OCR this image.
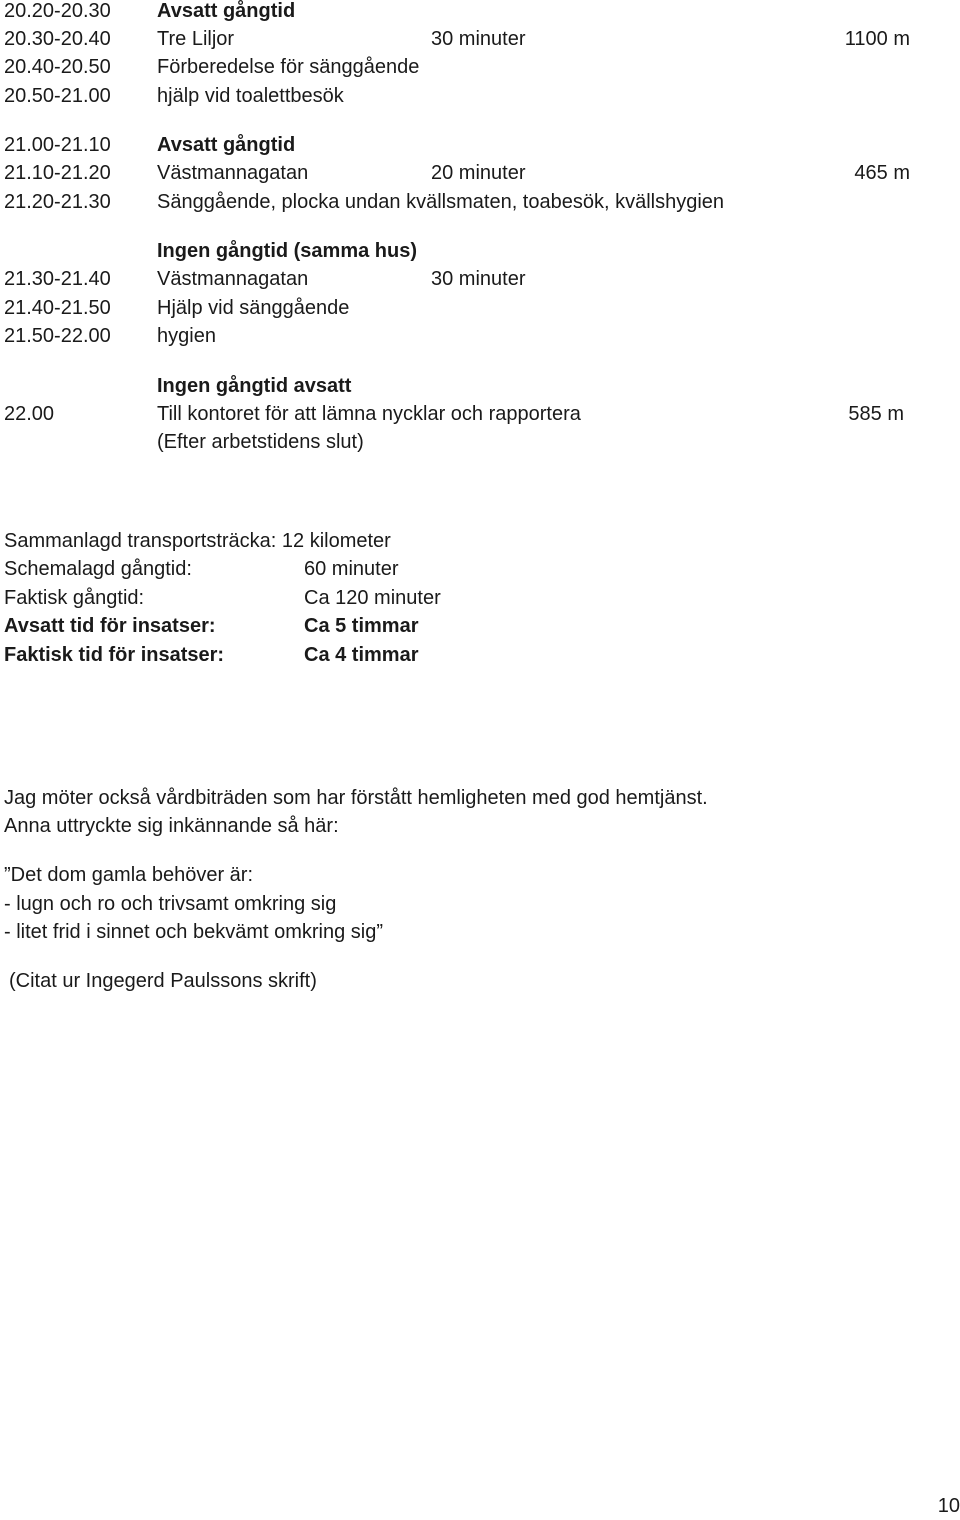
20.20-20.30 Avsatt gångtid
20.30-20.40 Tre Liljor	30 minuter	1100 m
20.40-20.50 Förberedelse för sänggående
20.50-21.00 hjälp vid toalettbesök
21.00-21.10 Avsatt gångtid
21.10-21.20 Västmannagatan	20 minuter	465 m
21.20-21.30 Sänggående, plocka undan kvällsmaten, toabesök, kvällshygien
Ingen gångtid (samma hus)
21.30-21.40 Västmannagatan	30 minuter
21.40-21.50 Hjälp vid sänggående
21.50-22.00 hygien
Ingen gångtid avsatt
22.00	Till kontoret för att lämna nycklar och rapportera	585 m
(Efter arbetstidens slut)
Sammanlagd transportsträcka: 12 kilometer
Schemalagd gångtid:	60 minuter
Faktisk gångtid:	Ca 120 minuter
Avsatt tid för insatser:	Ca 5 timmar
Faktisk tid för insatser:	Ca 4 timmar
Jag möter också vårdbiträden som har förstått hemligheten med god hemtjänst.
Anna uttryckte sig inkännande så här:
”Det dom gamla behöver är:
- lugn och ro och trivsamt omkring sig
- litet frid i sinnet och bekvämt omkring sig”
(Citat ur Ingegerd Paulssons skrift)
10
